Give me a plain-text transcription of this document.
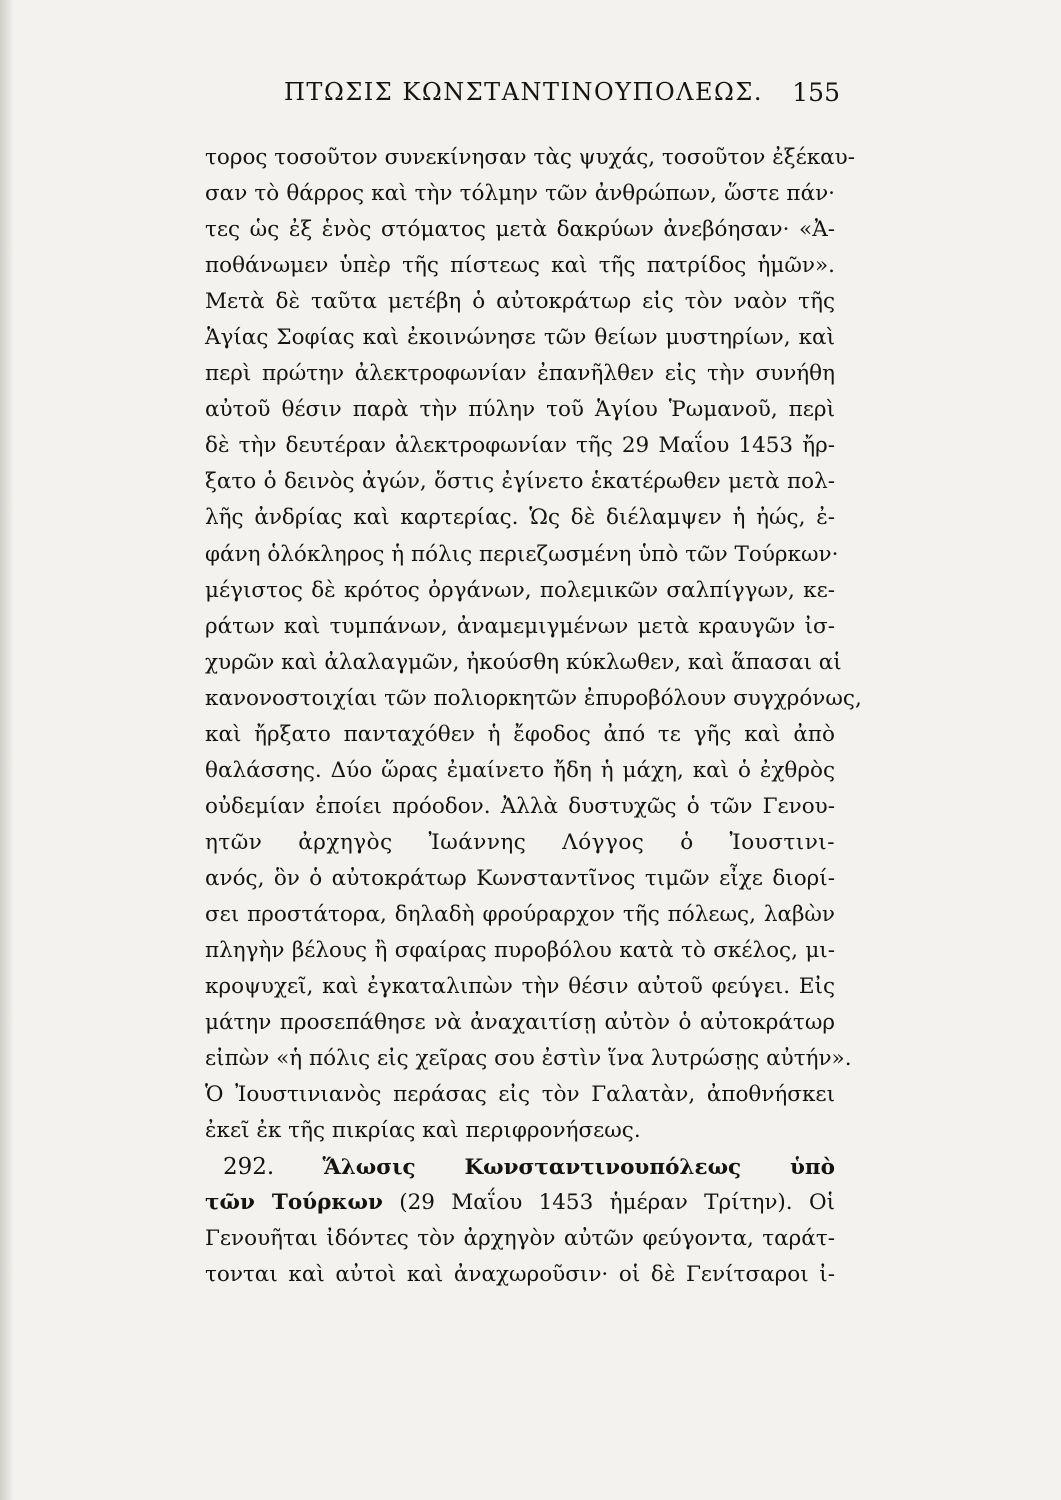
ΠΤΩΣΙΣ ΚΩΝΣΤΑΝΤΙΝΟΥΠΟΛΕΩΣ. 155
τορος τοσοῦτον συνεκίνησαν τὰς ψυχάς, τοσοῦτον ἐξέκαυ-
σαν τὸ θάρρος καὶ τὴν τόλμην τῶν ἀνθρώπων, ὥστε πάν·
τες ὡς ἐξ ἑνὸς στόματος μετὰ δακρύων ἀνεβόησαν· «Ἀ-
ποθάνωμεν ὑπὲρ τῆς πίστεως καὶ τῆς πατρίδος ἡμῶν».
Μετὰ δὲ ταῦτα μετέβη ὁ αὐτοκράτωρ εἰς τὸν ναὸν τῆς
Ἁγίας Σοφίας καὶ ἐκοινώνησε τῶν θείων μυστηρίων, καὶ
περὶ πρώτην ἀλεκτροφωνίαν ἐπανῆλθεν εἰς τὴν συνήθη
αὐτοῦ θέσιν παρὰ τὴν πύλην τοῦ Ἁγίου Ῥωμανοῦ, περὶ
δὲ τὴν δευτέραν ἀλεκτροφωνίαν τῆς 29 Μαΐου 1453 ἤρ-
ξατο ὁ δεινὸς ἀγών, ὅστις ἐγίνετο ἑκατέρωθεν μετὰ πολ-
λῆς ἀνδρίας καὶ καρτερίας. Ὡς δὲ διέλαμψεν ἡ ἠώς, ἐ-
φάνη ὁλόκληρος ἡ πόλις περιεζωσμένη ὑπὸ τῶν Τούρκων·
μέγιστος δὲ κρότος ὀργάνων, πολεμικῶν σαλπίγγων, κε-
ράτων καὶ τυμπάνων, ἀναμεμιγμένων μετὰ κραυγῶν ἰσ-
χυρῶν καὶ ἀλαλαγμῶν, ἠκούσθη κύκλωθεν, καὶ ἅπασαι αἱ
κανονοστοιχίαι τῶν πολιορκητῶν ἐπυροβόλουν συγχρόνως,
καὶ ἤρξατο πανταχόθεν ἡ ἔφοδος ἀπό τε γῆς καὶ ἀπὸ
θαλάσσης. Δύο ὥρας ἐμαίνετο ἤδη ἡ μάχη, καὶ ὁ ἐχθρὸς
οὐδεμίαν ἐποίει πρόοδον. Ἀλλὰ δυστυχῶς ὁ τῶν Γενου-
ητῶν ἀρχηγὸς Ἰωάννης Λόγγος ὁ Ἰουστινι-
ανός, ὃν ὁ αὐτοκράτωρ Κωνσταντῖνος τιμῶν εἶχε διορί-
σει προστάτορα, δηλαδὴ φρούραρχον τῆς πόλεως, λαβὼν
πληγὴν βέλους ἢ σφαίρας πυροβόλου κατὰ τὸ σκέλος, μι-
κροψυχεῖ, καὶ ἐγκαταλιπὼν τὴν θέσιν αὐτοῦ φεύγει. Εἰς
μάτην προσεπάθησε νὰ ἀναχαιτίσῃ αὐτὸν ὁ αὐτοκράτωρ
εἰπὼν «ἡ πόλις εἰς χεῖρας σου ἐστὶν ἵνα λυτρώσῃς αὐτήν».
Ὁ Ἰουστινιανὸς περάσας εἰς τὸν Γαλατὰν, ἀποθνήσκει
ἐκεῖ ἐκ τῆς πικρίας καὶ περιφρονήσεως.
292. Ἅλωσις Κωνσταντινουπόλεως ὑπὸ
τῶν Τούρκων (29 Μαΐου 1453 ἡμέραν Τρίτην). Οἱ
Γενουῆται ἰδόντες τὸν ἀρχηγὸν αὐτῶν φεύγοντα, ταράτ-
τονται καὶ αὐτοὶ καὶ ἀναχωροῦσιν· οἱ δὲ Γενίτσαροι ἰ-
